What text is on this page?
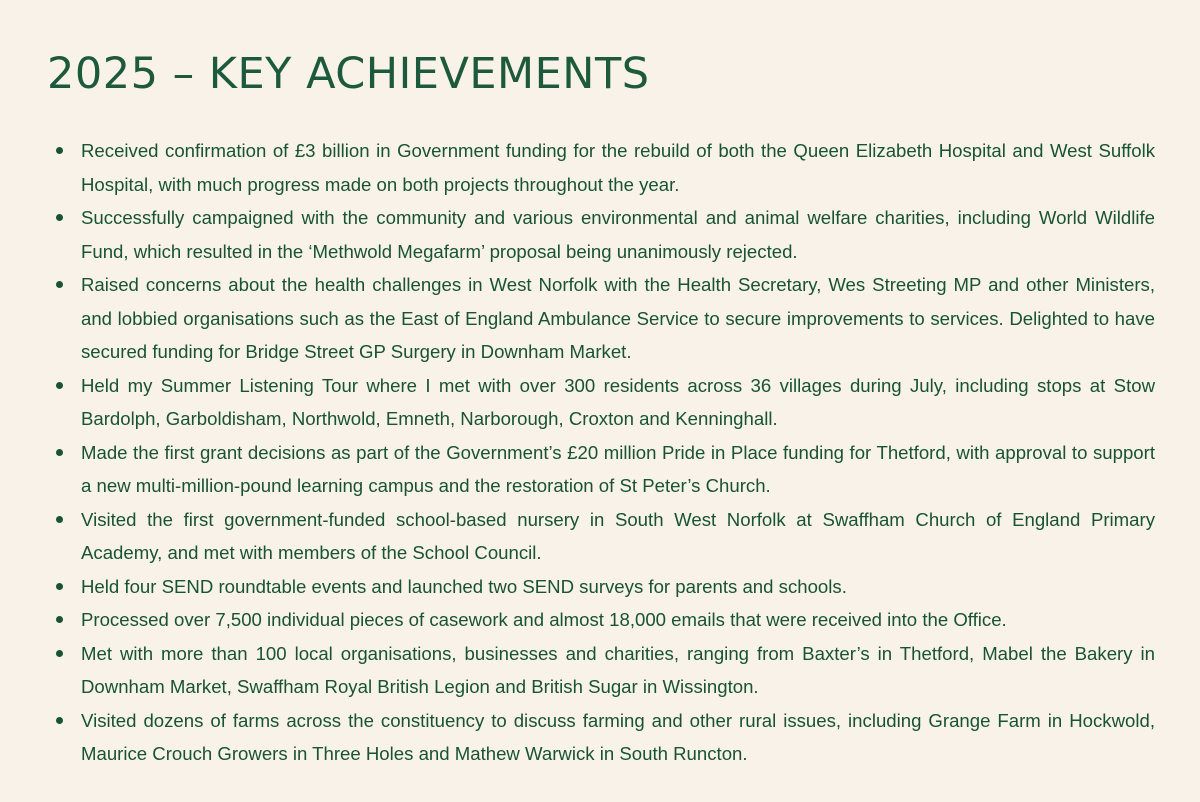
2025 – KEY ACHIEVEMENTS
Received confirmation of £3 billion in Government funding for the rebuild of both the Queen Elizabeth Hospital and West Suffolk Hospital, with much progress made on both projects throughout the year.
Successfully campaigned with the community and various environmental and animal welfare charities, including World Wildlife Fund, which resulted in the ‘Methwold Megafarm’ proposal being unanimously rejected.
Raised concerns about the health challenges in West Norfolk with the Health Secretary, Wes Streeting MP and other Ministers, and lobbied organisations such as the East of England Ambulance Service to secure improvements to services. Delighted to have secured funding for Bridge Street GP Surgery in Downham Market.
Held my Summer Listening Tour where I met with over 300 residents across 36 villages during July, including stops at Stow Bardolph, Garboldisham, Northwold, Emneth, Narborough, Croxton and Kenninghall.
Made the first grant decisions as part of the Government’s £20 million Pride in Place funding for Thetford, with approval to support a new multi-million-pound learning campus and the restoration of St Peter’s Church.
Visited the first government-funded school-based nursery in South West Norfolk at Swaffham Church of England Primary Academy, and met with members of the School Council.
Held four SEND roundtable events and launched two SEND surveys for parents and schools.
Processed over 7,500 individual pieces of casework and almost 18,000 emails that were received into the Office.
Met with more than 100 local organisations, businesses and charities, ranging from Baxter’s in Thetford, Mabel the Bakery in Downham Market, Swaffham Royal British Legion and British Sugar in Wissington.
Visited dozens of farms across the constituency to discuss farming and other rural issues, including Grange Farm in Hockwold, Maurice Crouch Growers in Three Holes and Mathew Warwick in South Runcton.
